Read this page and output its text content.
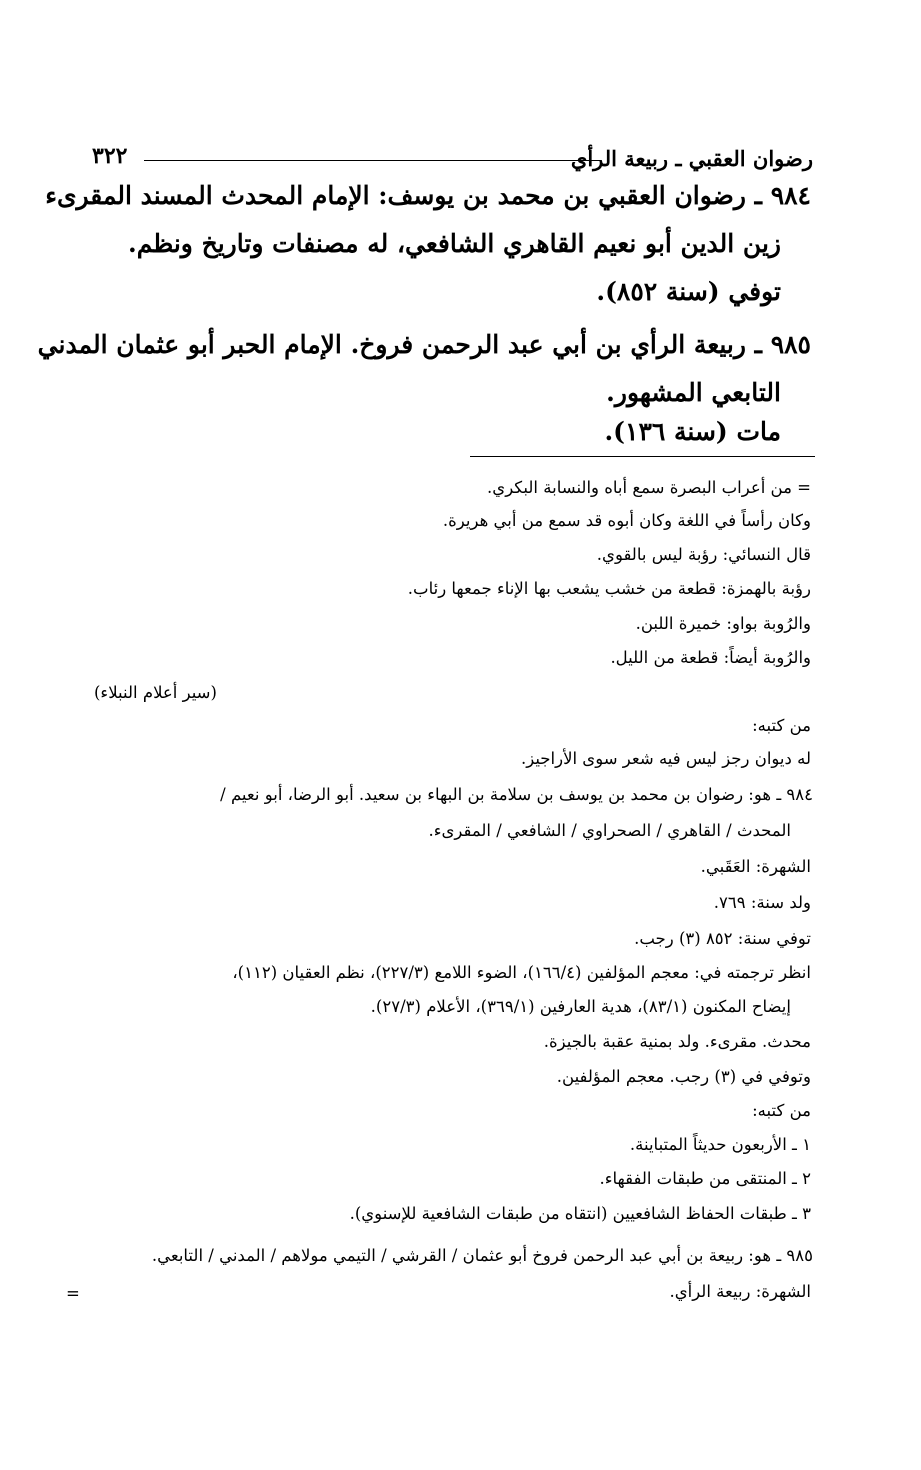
رضوان العقبي ـ ربيعة الرأي
٣٢٢
٩٨٤ ـ رضوان العقبي بن محمد بن يوسف: الإمام المحدث المسند المقرىء
زين الدين أبو نعيم القاهري الشافعي، له مصنفات وتاريخ ونظم.
توفي (سنة ٨٥٢).
٩٨٥ ـ ربيعة الرأي بن أبي عبد الرحمن فروخ. الإمام الحبر أبو عثمان المدني
التابعي المشهور.
مات (سنة ١٣٦).
= من أعراب البصرة سمع أباه والنسابة البكري.
وكان رأساً في اللغة وكان أبوه قد سمع من أبي هريرة.
قال النسائي: رؤبة ليس بالقوي.
رؤبة بالهمزة: قطعة من خشب يشعب بها الإناء جمعها رئاب.
والرُوبة بواو: خميرة اللبن.
والرُوبة أيضاً: قطعة من الليل.
(سير أعلام النبلاء)
من كتبه:
له ديوان رجز ليس فيه شعر سوى الأراجيز.
٩٨٤ ـ هو: رضوان بن محمد بن يوسف بن سلامة بن البهاء بن سعيد. أبو الرضا، أبو نعيم /
المحدث / القاهري / الصحراوي / الشافعي / المقرىء.
الشهرة: العَقَبي.
ولد سنة: ٧٦٩.
توفي سنة: ٨٥٢ (٣) رجب.
انظر ترجمته في: معجم المؤلفين (١٦٦/٤)، الضوء اللامع (٢٢٧/٣)، نظم العقيان (١١٢)،
إيضاح المكنون (٨٣/١)، هدية العارفين (٣٦٩/١)، الأعلام (٢٧/٣).
محدث. مقرىء. ولد بمنية عقبة بالجيزة.
وتوفي في (٣) رجب. معجم المؤلفين.
من كتبه:
١ ـ الأربعون حديثاً المتباينة.
٢ ـ المنتقى من طبقات الفقهاء.
٣ ـ طبقات الحفاظ الشافعيين (انتقاه من طبقات الشافعية للإسنوي).
٩٨٥ ـ هو: ربيعة بن أبي عبد الرحمن فروخ أبو عثمان / القرشي / التيمي مولاهم / المدني / التابعي.
الشهرة: ربيعة الرأي.
=
